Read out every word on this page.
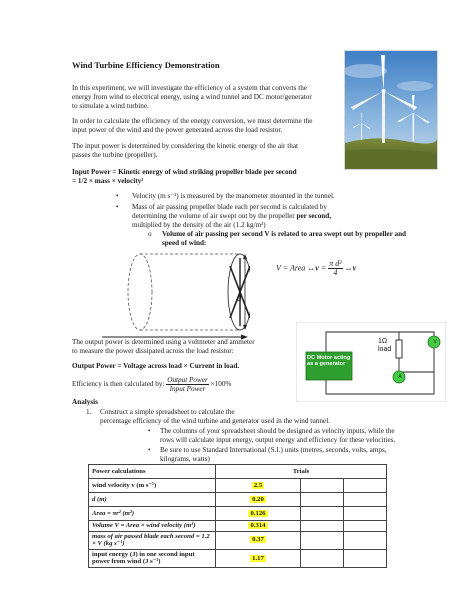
Wind Turbine Efficiency Demonstration
In this experiment, we will investigate the efficiency of a system that converts the
energy from wind to electrical energy, using a wind tunnel and DC motor/generator
to simulate a wind turbine.
In order to calculate the efficiency of the energy conversion, we must determine the
input power of the wind and the power generated across the load resistor.
The input power is determined by considering the kinetic energy of the air that
passes the turbine (propeller).
Input Power = Kinetic energy of wind striking propeller blade per second
= 1/2 × mass × velocity²
• Velocity (m s⁻¹) is measured by the manometer mounted in the tunnel.
• Mass of air passing propeller blade each per second is calculated by
determining the volume of air swept out by the propeller per second,
multiplied by the density of the air (1.2 kg/m³)
o Volume of air passing per second V is related to area swept out by propeller and
speed of wind:
d
V = Area ↔v = $\frac{\text{π d²}}{4}$ ↔v
The output power is determined using a voltmeter and ammeter
to measure the power dissipated across the load resistor:
Output Power = Voltage across load × Current in load.
Efficiency is then calculated by: $\frac{\text{Output Power}}{\text{Input Power}} \times 100\%$
DC Motor acting as a generator
1Ω
load
V
A
Analysis
1. Construct a simple spreadsheet to calculate the
percentage efficiency of the wind turbine and generator used in the wind tunnel.
• The columns of your spreadsheet should be designed as velocity inputs, while the
rows will calculate input energy, output energy and efficiency for these velocities.
• Be sure to use Standard International (S.I.) units (metres, seconds, volts, amps,
kilograms, watts)
Power calculations	Trials		
wind velocity v (m s⁻¹)	2.5		
d (m)	0.20		
Area = πr² (m²)	0.126		
Volume V = Area × wind velocity (m³)	0.314		
mass of air passed blade each second = 1.2 × V (kg s⁻¹)	0.37		
input energy (J) in one second input power from wind (J s⁻¹)	1.17		
